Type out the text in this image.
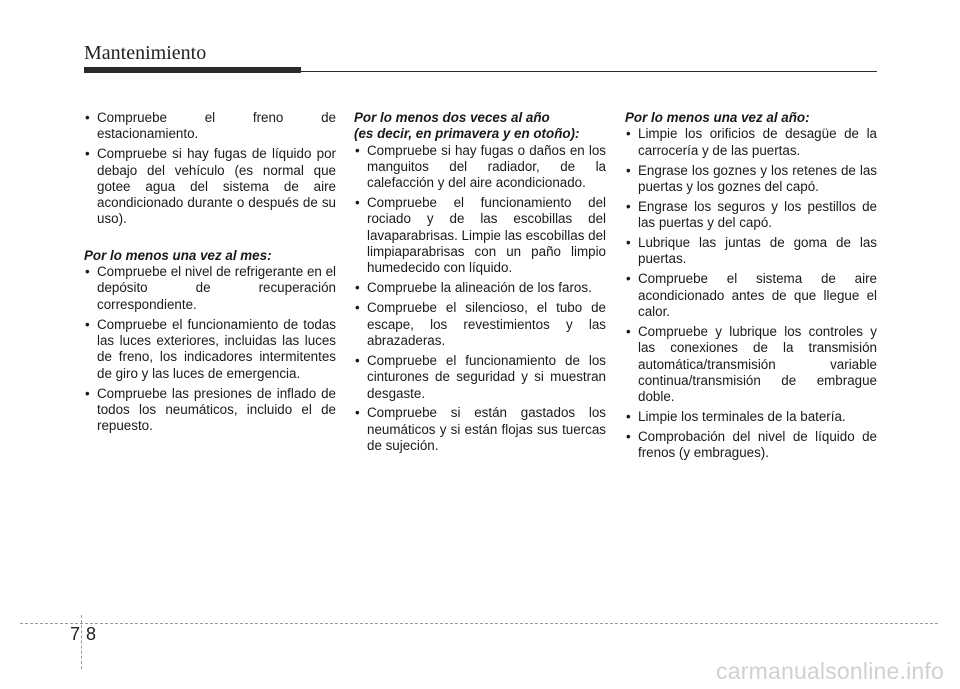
Mantenimiento
• Compruebe el freno de estacionamiento.
• Compruebe si hay fugas de líquido por debajo del vehículo (es normal que gotee agua del sistema de aire acondicionado durante o después de su uso).

Por lo menos una vez al mes:

• Compruebe el nivel de refrigerante en el depósito de recuperación correspondiente.
• Compruebe el funcionamiento de todas las luces exteriores, incluidas las luces de freno, los indicadores intermitentes de giro y las luces de emergencia.
• Compruebe las presiones de inflado de todos los neumáticos, incluido el de repuesto.

Por lo menos dos veces al año
(es decir, en primavera y en otoño):

• Compruebe si hay fugas o daños en los manguitos del radiador, de la calefacción y del aire acondicionado.
• Compruebe el funcionamiento del rociado y de las escobillas del lavaparabrisas. Limpie las escobillas del limpiaparabrisas con un paño limpio humedecido con líquido.
• Compruebe la alineación de los faros.
• Compruebe el silencioso, el tubo de escape, los revestimientos y las abrazaderas.
• Compruebe el funcionamiento de los cinturones de seguridad y si muestran desgaste.
• Compruebe si están gastados los neumáticos y si están flojas sus tuercas de sujeción.

Por lo menos una vez al año:

• Limpie los orificios de desagüe de la carrocería y de las puertas.
• Engrase los goznes y los retenes de las puertas y los goznes del capó.
• Engrase los seguros y los pestillos de las puertas y del capó.
• Lubrique las juntas de goma de las puertas.
• Compruebe el sistema de aire acondicionado antes de que llegue el calor.
• Compruebe y lubrique los controles y las conexiones de la transmisión automática/transmisión variable continua/transmisión de embrague doble.
• Limpie los terminales de la batería.
• Comprobación del nivel de líquido de frenos (y embragues).
7 8
carmanualsonline.info
